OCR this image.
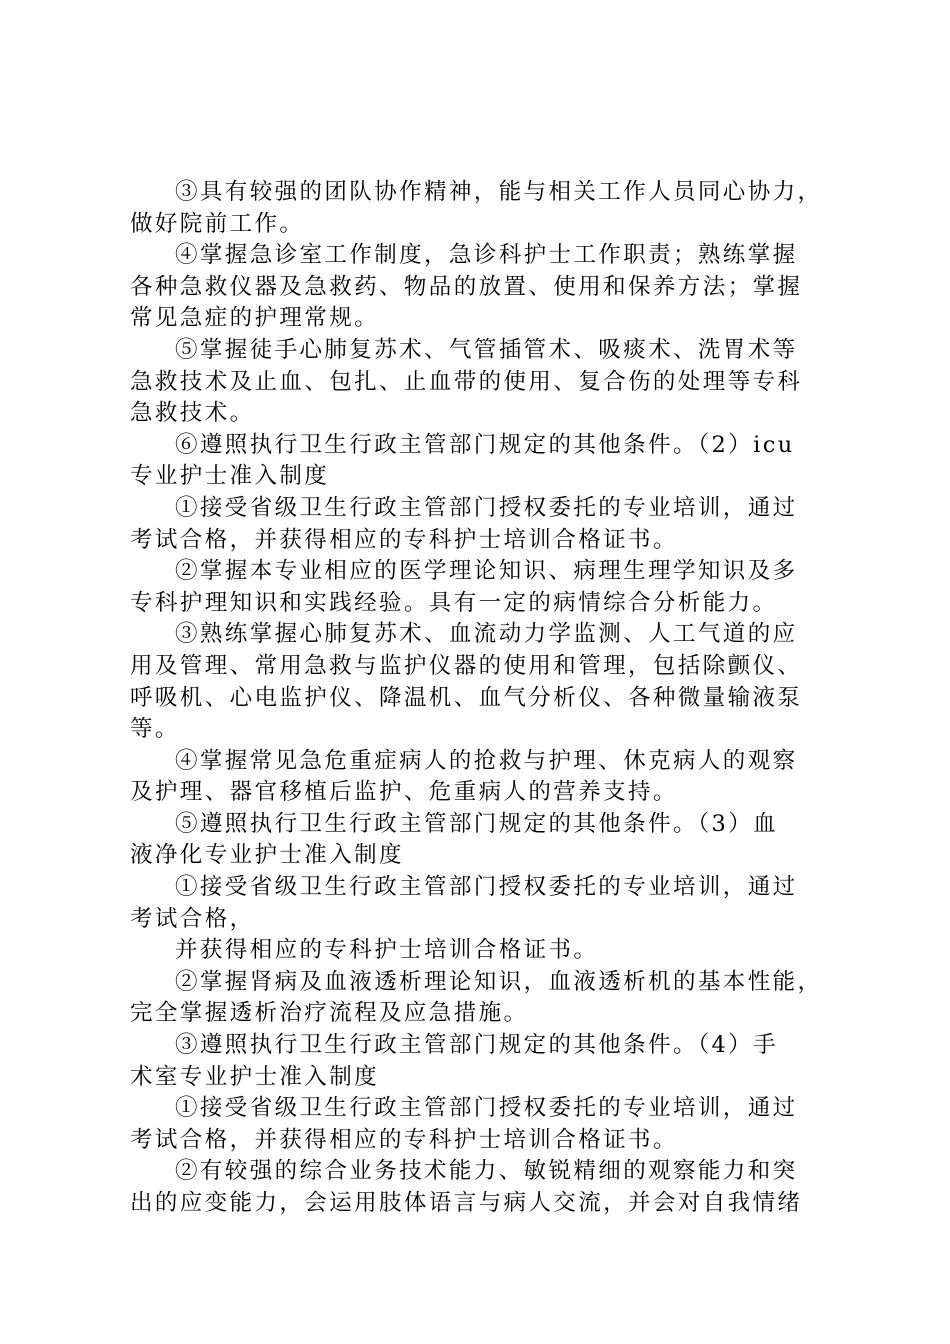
③具有较强的团队协作精神，能与相关工作人员同心协力，
做好院前工作。
④掌握急诊室工作制度，急诊科护士工作职责；熟练掌握
各种急救仪器及急救药、物品的放置、使用和保养方法；掌握
常见急症的护理常规。
⑤掌握徒手心肺复苏术、气管插管术、吸痰术、洗胃术等
急救技术及止血、包扎、止血带的使用、复合伤的处理等专科
急救技术。
⑥遵照执行卫生行政主管部门规定的其他条件。（2）icu
专业护士准入制度
①接受省级卫生行政主管部门授权委托的专业培训，通过
考试合格，并获得相应的专科护士培训合格证书。
②掌握本专业相应的医学理论知识、病理生理学知识及多
专科护理知识和实践经验。具有一定的病情综合分析能力。
③熟练掌握心肺复苏术、血流动力学监测、人工气道的应
用及管理、常用急救与监护仪器的使用和管理，包括除颤仪、
呼吸机、心电监护仪、降温机、血气分析仪、各种微量输液泵
等。
④掌握常见急危重症病人的抢救与护理、休克病人的观察
及护理、器官移植后监护、危重病人的营养支持。
⑤遵照执行卫生行政主管部门规定的其他条件。（3）血
液净化专业护士准入制度
①接受省级卫生行政主管部门授权委托的专业培训，通过
考试合格，
并获得相应的专科护士培训合格证书。
②掌握肾病及血液透析理论知识，血液透析机的基本性能，
完全掌握透析治疗流程及应急措施。
③遵照执行卫生行政主管部门规定的其他条件。（4）手
术室专业护士准入制度
①接受省级卫生行政主管部门授权委托的专业培训，通过
考试合格，并获得相应的专科护士培训合格证书。
②有较强的综合业务技术能力、敏锐精细的观察能力和突
出的应变能力，会运用肢体语言与病人交流，并会对自我情绪
